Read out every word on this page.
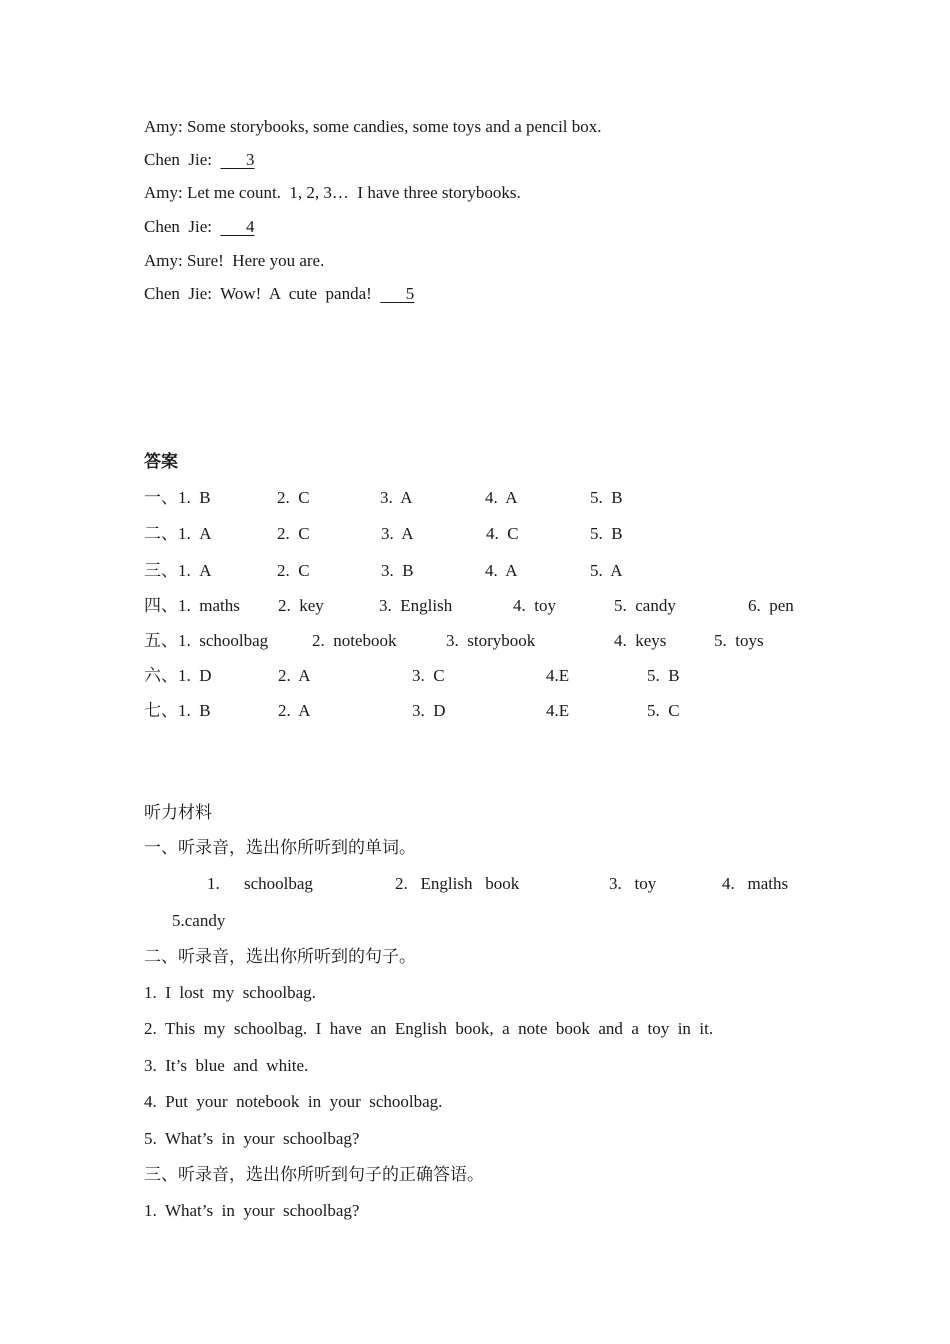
Amy: Some storybooks, some candies, some toys and a pencil box.
Chen  Jie:        3
Amy: Let me count.  1, 2, 3…  I have three storybooks.
Chen  Jie:        4
Amy: Sure!  Here you are.
Chen  Jie:  Wow!  A  cute  panda!        5
答案
一、1.  B	2.  C	3.  A	4.  A	5.  B
二、1.  A	2.  C	3.  A	4.  C	5.  B
三、1.  A	2.  C	3.  B	4.  A	5.  A
四、1.  maths 2.  key	3.  English	4.  toy	5.  candy	6.  pen
五、1.  schoolbag	2.  notebook	3.  storybook	4.  keys	5.  toys
六、1.  D	2.  A	3.  C	4.E	5.  B
七、1.  B	2.  A	3.  D	4.E	5.  C
听力材料
一、听录音，选出你所听到的单词。
1. schoolbag	2.   English   book	3.   toy	4.   maths
5.candy
二、听录音，选出你所听到的句子。
1.  I  lost  my  schoolbag.
2.  This  my  schoolbag.  I  have  an  English  book,  a  note  book  and  a  toy  in  it.
3.  It’s  blue  and  white.
4.  Put  your  notebook  in  your  schoolbag.
5.  What’s  in  your  schoolbag?
三、听录音，选出你所听到句子的正确答语。
1.  What’s  in  your  schoolbag?
